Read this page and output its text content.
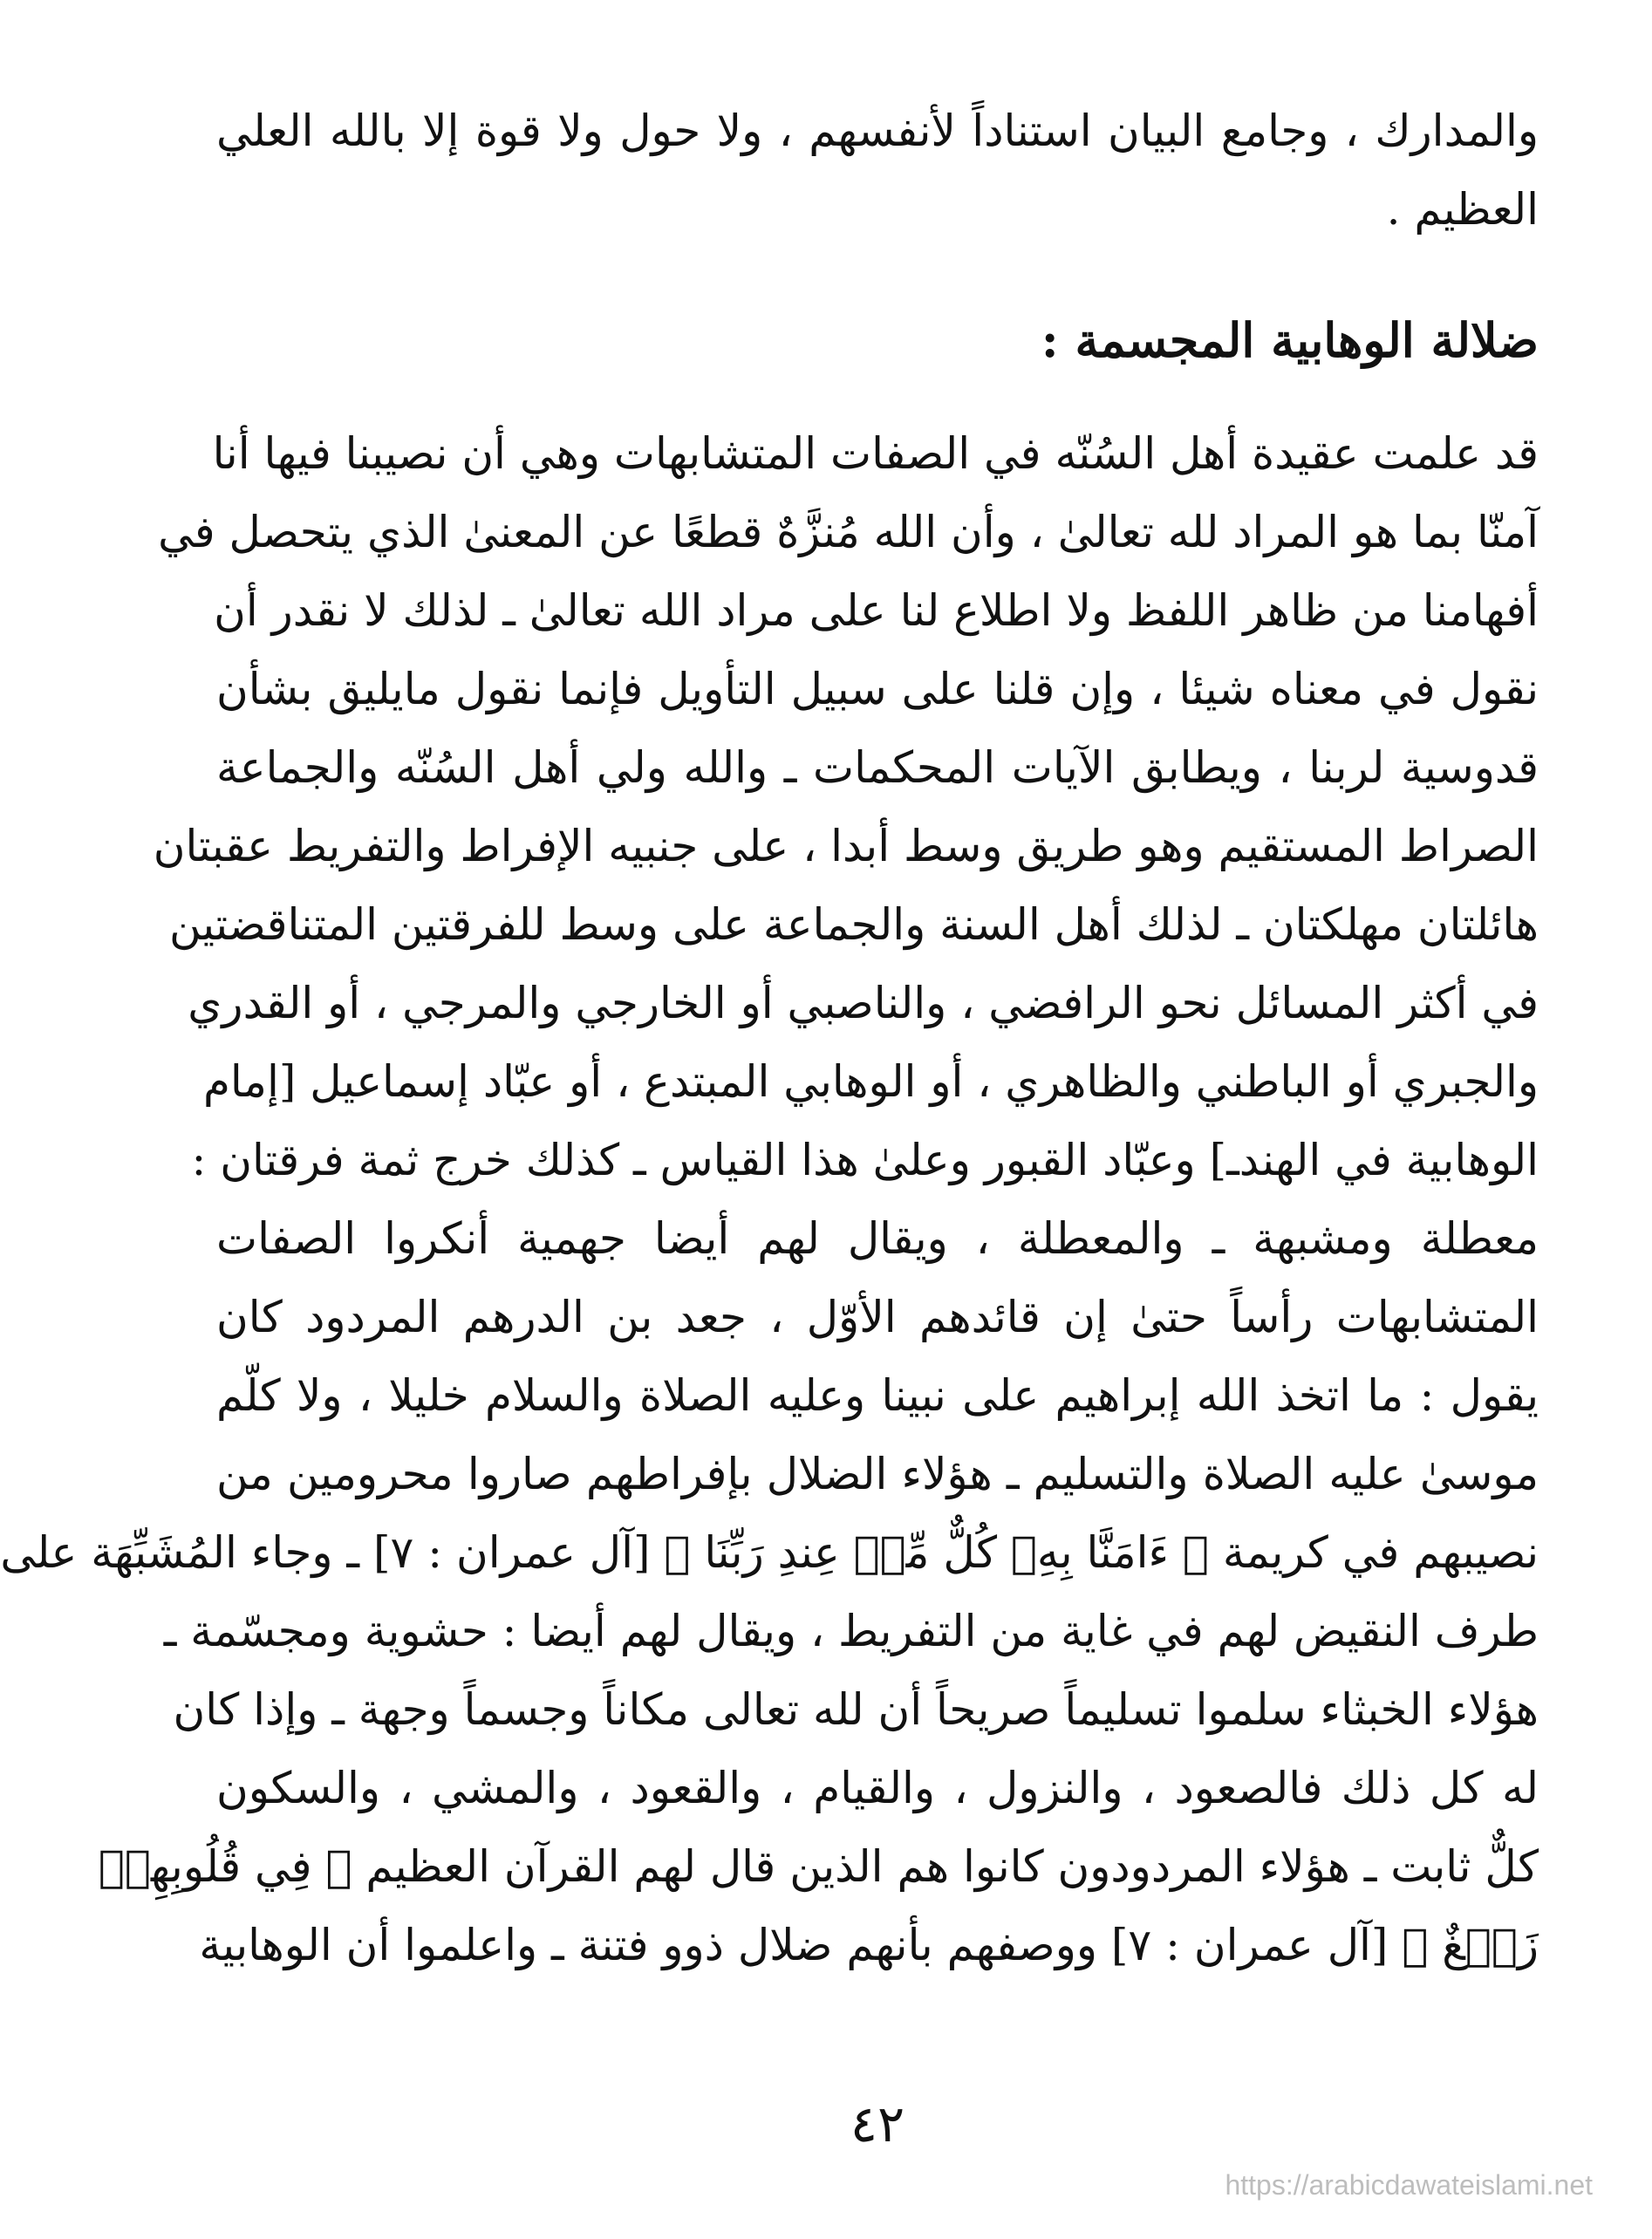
والمدارك ، وجامع البيان استناداً لأنفسهم ، ولا حول ولا قوة إلا بالله العلي
العظيم .
ضلالة الوهابية المجسمة :
قد علمت عقيدة أهل السُنّه في الصفات المتشابهات وهي أن نصيبنا فيها أنا
آمنّا بما هو المراد لله تعالىٰ ، وأن الله مُنزَّهٌ قطعًا عن المعنىٰ الذي يتحصل في
أفهامنا من ظاهر اللفظ ولا اطلاع لنا على مراد الله تعالىٰ ـ لذلك لا نقدر أن
نقول في معناه شيئا ، وإن قلنا على سبيل التأويل فإنما نقول مايليق بشأن
قدوسية لربنا ، ويطابق الآيات المحكمات ـ والله ولي أهل السُنّه والجماعة
الصراط المستقيم وهو طريق وسط أبدا ، على جنبيه الإفراط والتفريط عقبتان
هائلتان مهلكتان ـ لذلك أهل السنة والجماعة على وسط للفرقتين المتناقضتين
في أكثر المسائل نحو الرافضي ، والناصبي أو الخارجي والمرجي ، أو القدري
والجبري أو الباطني والظاهري ، أو الوهابي المبتدع ، أو عبّاد إسماعيل [إمام
الوهابية في الهندـ] وعبّاد القبور وعلىٰ هذا القياس ـ كذلك خرج ثمة فرقتان :
معطلة ومشبهة ـ والمعطلة ، ويقال لهم أيضا جهمية أنكروا الصفات
المتشابهات رأساً حتىٰ إن قائدهم الأوّل ، جعد بن الدرهم المردود كان
يقول : ما اتخذ الله إبراهيم على نبينا وعليه الصلاة والسلام خليلا ، ولا كلّم
موسىٰ عليه الصلاة والتسليم ـ هؤلاء الضلال بإفراطهم صاروا محرومين من
نصيبهم في كريمة ﴿ ءَامَنَّا بِهِۦ كُلٌّ مِّنۡ عِندِ رَبِّنَا ﴾ [آل عمران : ٧] ـ وجاء المُشَبِّهَة على
طرف النقيض لهم في غاية من التفريط ، ويقال لهم أيضا : حشوية ومجسّمة ـ
هؤلاء الخبثاء سلموا تسليماً صريحاً أن لله تعالى مكاناً وجسماً وجهة ـ وإذا كان
له كل ذلك فالصعود ، والنزول ، والقيام ، والقعود ، والمشي ، والسكون
كلٌّ ثابت ـ هؤلاء المردودون كانوا هم الذين قال لهم القرآن العظيم ﴿ فِي قُلُوبِهِمۡ
زَيۡغٌ ﴾ [آل عمران : ٧] ووصفهم بأنهم ضلال ذوو فتنة ـ واعلموا أن الوهابية
٤٢
https://arabicdawateislami.net
